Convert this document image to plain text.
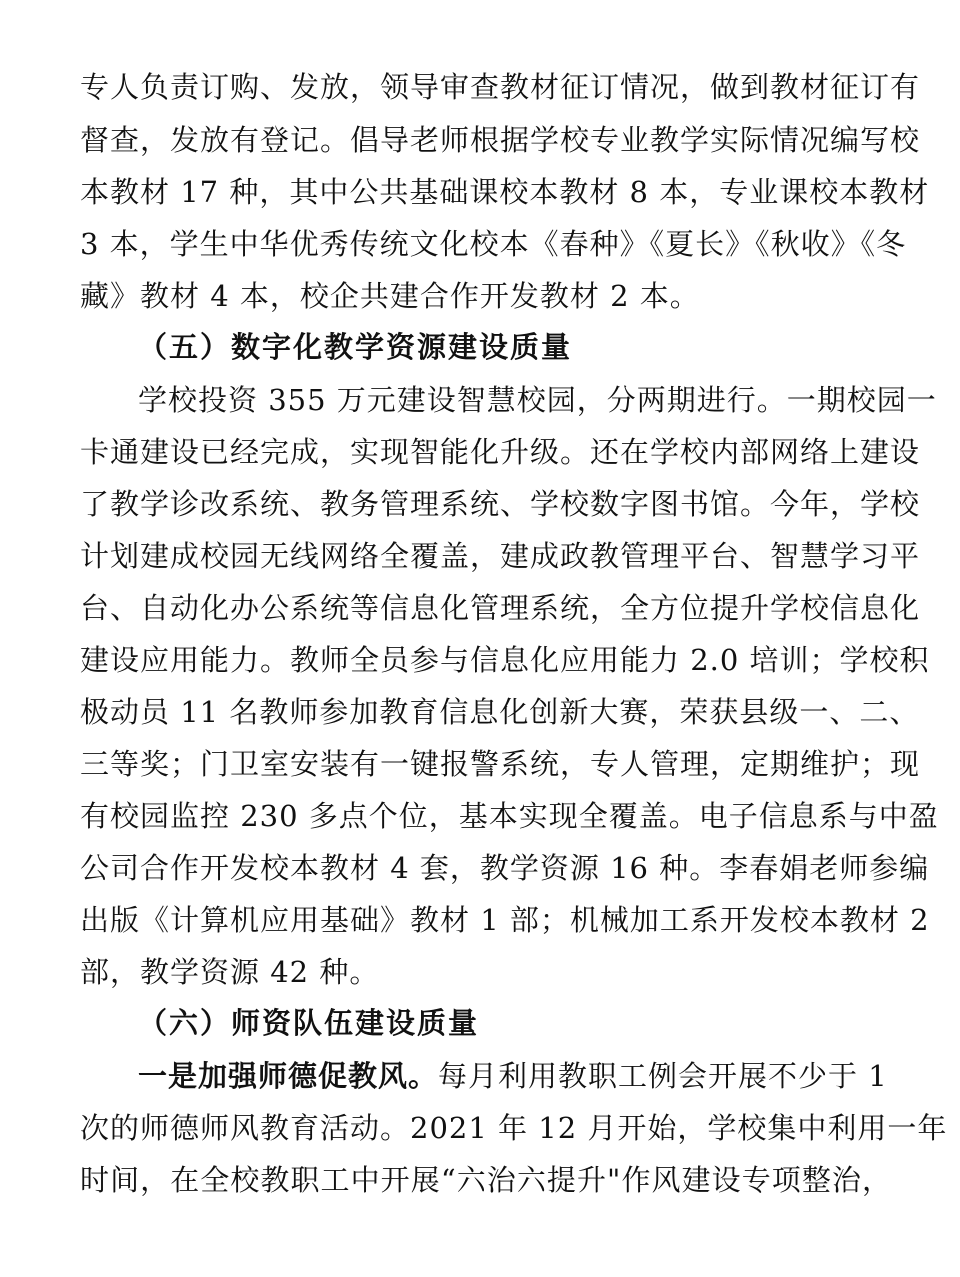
专人负责订购、发放，领导审查教材征订情况，做到教材征订有
督查，发放有登记。倡导老师根据学校专业教学实际情况编写校
本教材 17 种，其中公共基础课校本教材 8 本，专业课校本教材
3 本，学生中华优秀传统文化校本《春种》《夏长》《秋收》《冬
藏》教材 4 本，校企共建合作开发教材 2 本。
（五）数字化教学资源建设质量
学校投资 355 万元建设智慧校园，分两期进行。一期校园一
卡通建设已经完成，实现智能化升级。还在学校内部网络上建设
了教学诊改系统、教务管理系统、学校数字图书馆。今年，学校
计划建成校园无线网络全覆盖，建成政教管理平台、智慧学习平
台、自动化办公系统等信息化管理系统，全方位提升学校信息化
建设应用能力。教师全员参与信息化应用能力 2.0 培训；学校积
极动员 11 名教师参加教育信息化创新大赛，荣获县级一、二、
三等奖；门卫室安装有一键报警系统，专人管理，定期维护；现
有校园监控 230 多点个位，基本实现全覆盖。电子信息系与中盈
公司合作开发校本教材 4 套，教学资源 16 种。李春娟老师参编
出版《计算机应用基础》教材 1 部；机械加工系开发校本教材 2
部，教学资源 42 种。
（六）师资队伍建设质量
一是加强师德促教风。每月利用教职工例会开展不少于 1
次的师德师风教育活动。2021 年 12 月开始，学校集中利用一年
时间，在全校教职工中开展“六治六提升"作风建设专项整治，
